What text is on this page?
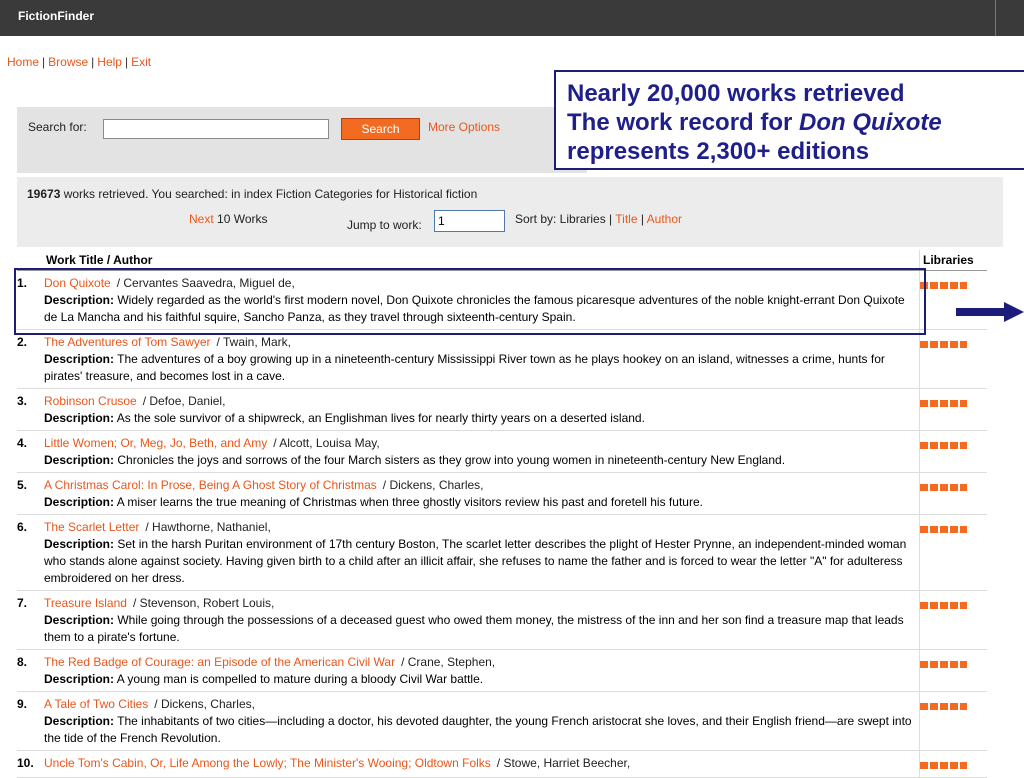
FictionFinder
Home | Browse | Help | Exit
Search for:	Search	More Options
Nearly 20,000 works retrieved
The work record for Don Quixote
represents 2,300+ editions
19673 works retrieved. You searched: in index Fiction Categories for Historical fiction
Next 10 Works	Jump to work:
1	Sort by: Libraries | Title | Author
Work Title / Author		Libraries
1.	Don Quixote / Cervantes Saavedra, Miguel de,
Description: Widely regarded as the world's first modern novel, Don Quixote chronicles the famous picaresque adventures of the noble knight-errant Don Quixote de La Mancha and his faithful squire, Sancho Panza, as they travel through sixteenth-century Spain.	

2.	The Adventures of Tom Sawyer / Twain, Mark,
Description: The adventures of a boy growing up in a nineteenth-century Mississippi River town as he plays hookey on an island, witnesses a crime, hunts for pirates' treasure, and becomes lost in a cave.	

3.	Robinson Crusoe / Defoe, Daniel,
Description: As the sole survivor of a shipwreck, an Englishman lives for nearly thirty years on a deserted island.	

4.	Little Women; Or, Meg, Jo, Beth, and Amy / Alcott, Louisa May,
Description: Chronicles the joys and sorrows of the four March sisters as they grow into young women in nineteenth-century New England.	

5.	A Christmas Carol: In Prose, Being A Ghost Story of Christmas / Dickens, Charles,
Description: A miser learns the true meaning of Christmas when three ghostly visitors review his past and foretell his future.	

6.	The Scarlet Letter / Hawthorne, Nathaniel,
Description: Set in the harsh Puritan environment of 17th century Boston, The scarlet letter describes the plight of Hester Prynne, an independent-minded woman who stands alone against society. Having given birth to a child after an illicit affair, she refuses to name the father and is forced to wear the letter "A" for adulteress embroidered on her dress.	

7.	Treasure Island / Stevenson, Robert Louis,
Description: While going through the possessions of a deceased guest who owed them money, the mistress of the inn and her son find a treasure map that leads them to a pirate's fortune.	

8.	The Red Badge of Courage: an Episode of the American Civil War / Crane, Stephen,
Description: A young man is compelled to mature during a bloody Civil War battle.	

9.	A Tale of Two Cities / Dickens, Charles,
Description: The inhabitants of two cities—including a doctor, his devoted daughter, the young French aristocrat she loves, and their English friend—are swept into the tide of the French Revolution.	

10.	Uncle Tom's Cabin, Or, Life Among the Lowly; The Minister's Wooing; Oldtown Folks / Stowe, Harriet Beecher,	
